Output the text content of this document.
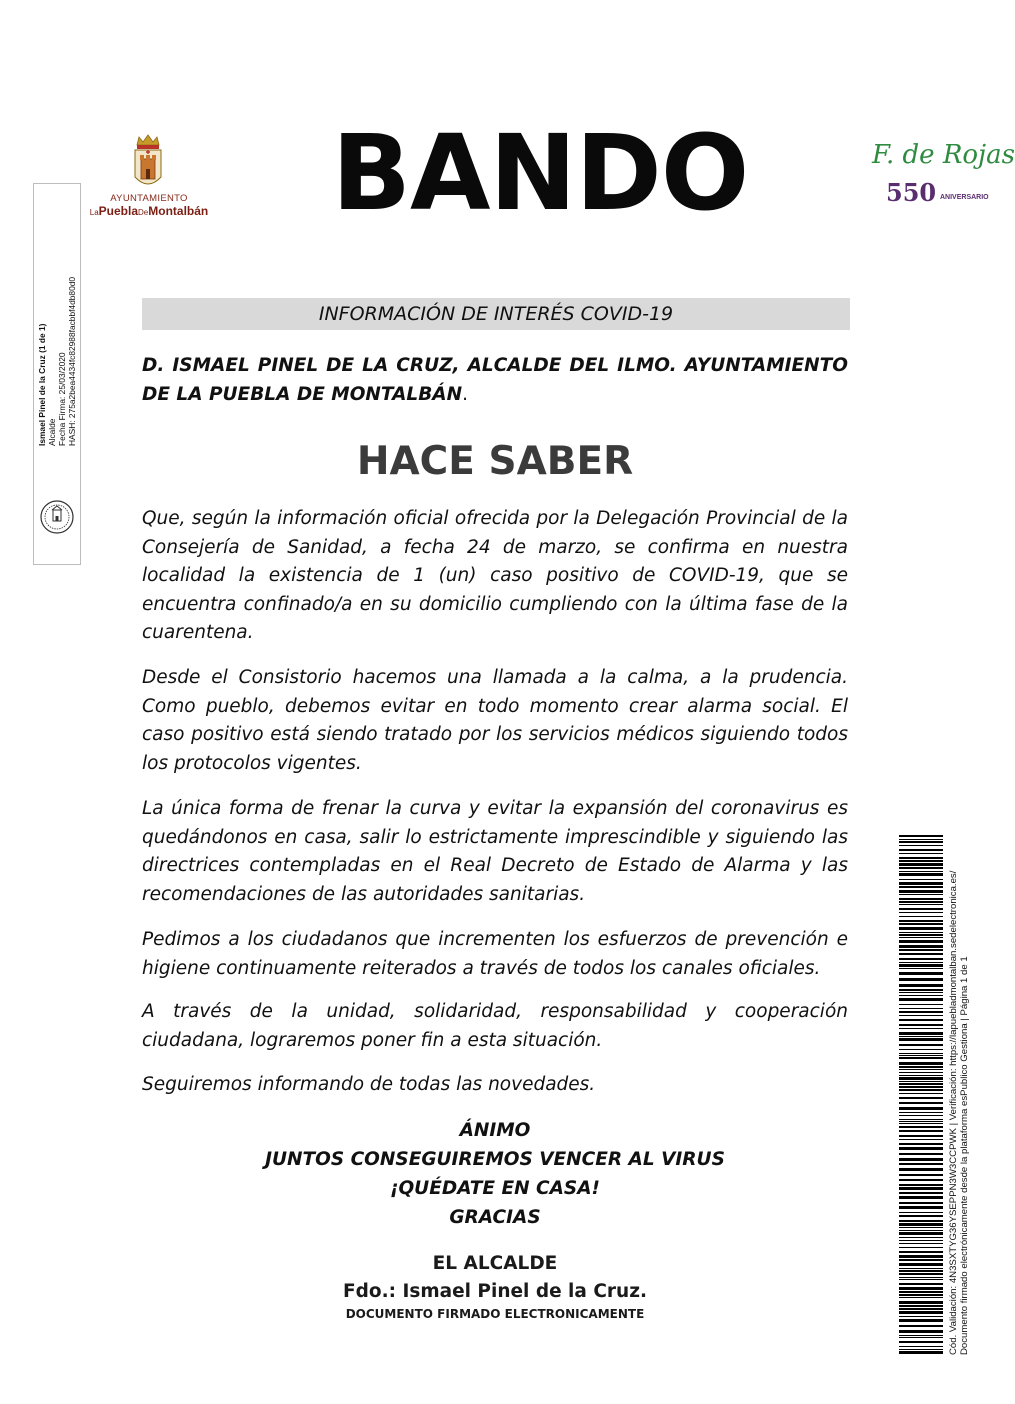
Ismael Pinel de la Cruz (1 de 1) Alcalde Fecha Firma: 25/03/2020 HASH: 275a2bea4434fc82988facbbf4db80d0
AYUNTAMIENTO
LaPueblaDeMontalbán	BANDO	F. de Rojas
550 ANIVERSARIO
INFORMACIÓN DE INTERÉS COVID-19

D. ISMAEL PINEL DE LA CRUZ, ALCALDE DEL ILMO. AYUNTAMIENTO DE LA PUEBLA DE MONTALBÁN.

HACE SABER

Que, según la información oficial ofrecida por la Delegación Provincial de la Consejería de Sanidad, a fecha 24 de marzo, se confirma en nuestra localidad la existencia de 1 (un) caso positivo de COVID-19, que se encuentra confinado/a en su domicilio cumpliendo con la última fase de la cuarentena.

Desde el Consistorio hacemos una llamada a la calma, a la prudencia. Como pueblo, debemos evitar en todo momento crear alarma social. El caso positivo está siendo tratado por los servicios médicos siguiendo todos los protocolos vigentes.

La única forma de frenar la curva y evitar la expansión del coronavirus es quedándonos en casa, salir lo estrictamente imprescindible y siguiendo las directrices contempladas en el Real Decreto de Estado de Alarma y las recomendaciones de las autoridades sanitarias.

Pedimos a los ciudadanos que incrementen los esfuerzos de prevención e higiene continuamente reiterados a través de todos los canales oficiales.

A través de la unidad, solidaridad, responsabilidad y cooperación ciudadana, lograremos poner fin a esta situación.

Seguiremos informando de todas las novedades.

ÁNIMO
JUNTOS CONSEGUIREMOS VENCER AL VIRUS
¡QUÉDATE EN CASA!
GRACIAS
EL ALCALDE
Fdo.: Ismael Pinel de la Cruz.
DOCUMENTO FIRMADO ELECTRONICAMENTE	Cód. Validación: 4N3SXTYG36YSEPPN3W3CCPWK | Verificación: https://lapuebladmontalban.sedelectronica.es/ Documento firmado electrónicamente desde la plataforma esPublico Gestiona | Página 1 de 1
